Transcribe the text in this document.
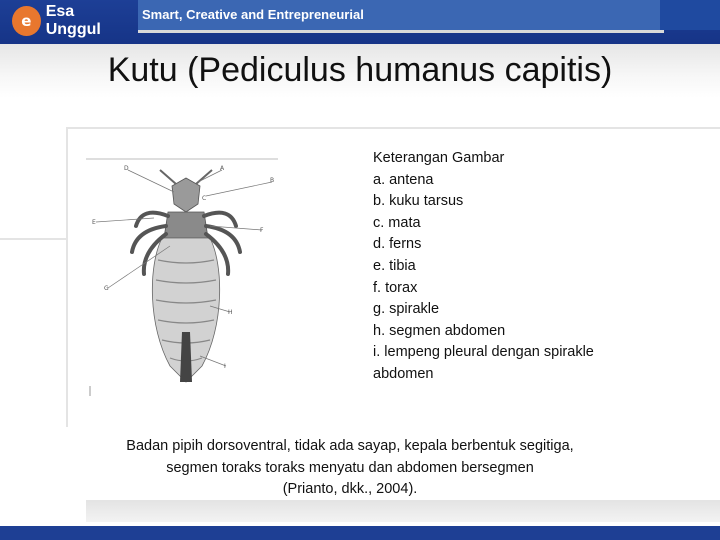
e
Esa Unggul
Smart, Creative and Entrepreneurial
Kutu (Pediculus humanus capitis)
D	A
B
C
E
F
G
H
I
Keterangan Gambar
a. antena
b. kuku tarsus
c. mata
d. ferns
e. tibia
f. torax
g. spirakle
h. segmen abdomen
i. lempeng pleural dengan spirakle
abdomen
Badan pipih dorsoventral, tidak ada sayap, kepala berbentuk segitiga,
segmen toraks toraks menyatu dan abdomen bersegmen
(Prianto, dkk., 2004).
